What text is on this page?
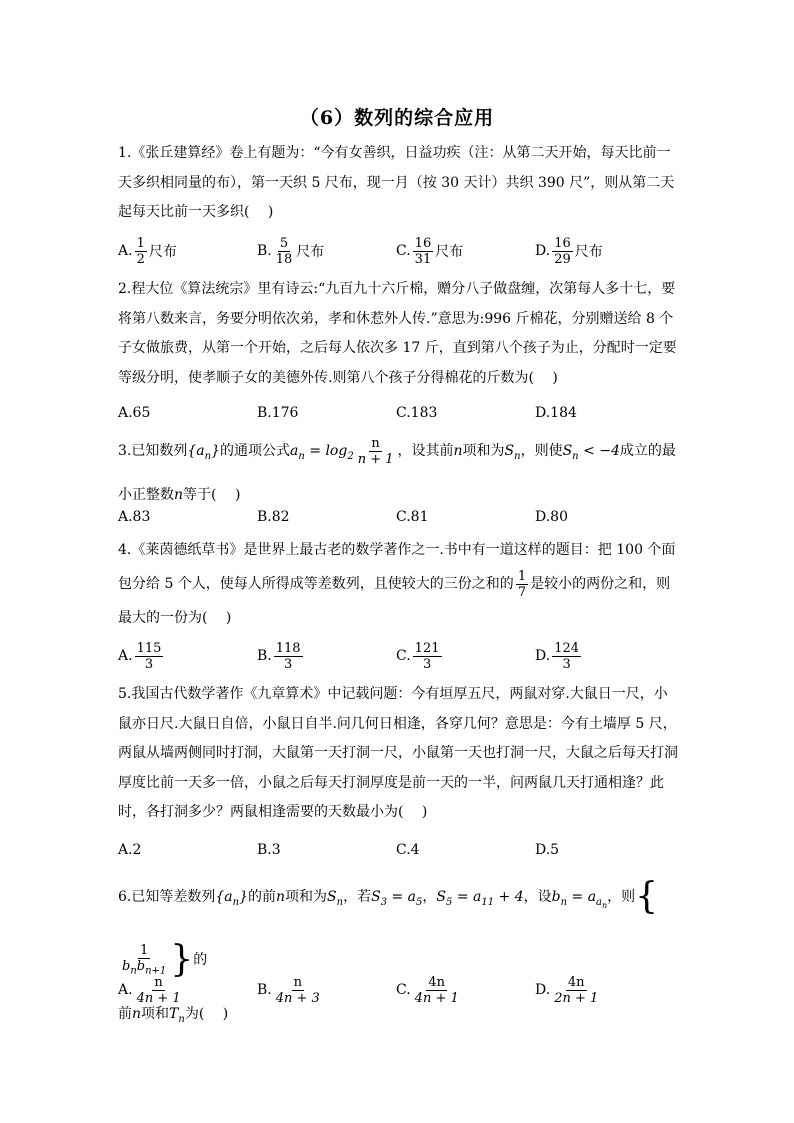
（6）数列的综合应用

1.《张丘建算经》卷上有题为：“今有女善织，日益功疾（注：从第二天开始，每天比前一天多织相同量的布），第一天织 5 尺布，现一月（按 30 天计）共织 390 尺”，则从第二天起每天比前一天多织(　 )

A. $\frac{1}{2}$ 尺布	B. $\frac{5}{18}$ 尺布	C. $\frac{16}{31}$ 尺布	D. $\frac{16}{29}$ 尺布

2.程大位《算法统宗》里有诗云:“九百九十六斤棉，赠分八子做盘缠，次第每人多十七，要将第八数来言，务要分明依次弟，孝和休惹外人传.”意思为:996 斤棉花，分别赠送给 8 个子女做旅费，从第一个开始，之后每人依次多 17 斤，直到第八个孩子为止，分配时一定要等级分明，使孝顺子女的美德外传.则第八个孩子分得棉花的斤数为(　 )

A.65	B.176	C.183	D.184

3.已知数列$\{a_n\}$的通项公式$a_n = \log_2 \frac{n}{n + 1}$ ，设其前n项和为$S_n$，则使$S_n < -4$成立的最小正整数n等于(　 )

A.83	B.82	C.81	D.80

4.《莱茵德纸草书》是世界上最古老的数学著作之一.书中有一道这样的题目：把 100 个面包分给 5 个人，使每人所得成等差数列，且使较大的三份之和的 $\frac{1}{7}$ 是较小的两份之和，则最大的一份为(　 )

A. $\frac{115}{3}$	B. $\frac{118}{3}$	C. $\frac{121}{3}$	D. $\frac{124}{3}$

5.我国古代数学著作《九章算术》中记载问题：今有垣厚五尺，两鼠对穿.大鼠日一尺，小鼠亦日尺.大鼠日自倍，小鼠日自半.问几何日相逢，各穿几何？意思是：今有土墙厚 5 尺，两鼠从墙两侧同时打洞，大鼠第一天打洞一尺，小鼠第一天也打洞一尺，大鼠之后每天打洞厚度比前一天多一倍，小鼠之后每天打洞厚度是前一天的一半，问两鼠几天打通相逢？此时，各打洞多少？两鼠相逢需要的天数最小为(　 )

A.2	B.3	C.4	D.5

6.已知等差数列$\{a_n\}$的前n项和为$S_n$，若$S_3 = a_5$，$S_5 = a_{11} + 4$，设$b_n = a_{a_n}$，则{
$\frac{1}{b_nb_{n+1}}$ }的
前n项和$T_n$为(　 )

A. $\frac{n}{4n + 1}$	B. $\frac{n}{4n + 3}$	C. $\frac{4n}{4n + 1}$	D. $\frac{4n}{2n + 1}$
